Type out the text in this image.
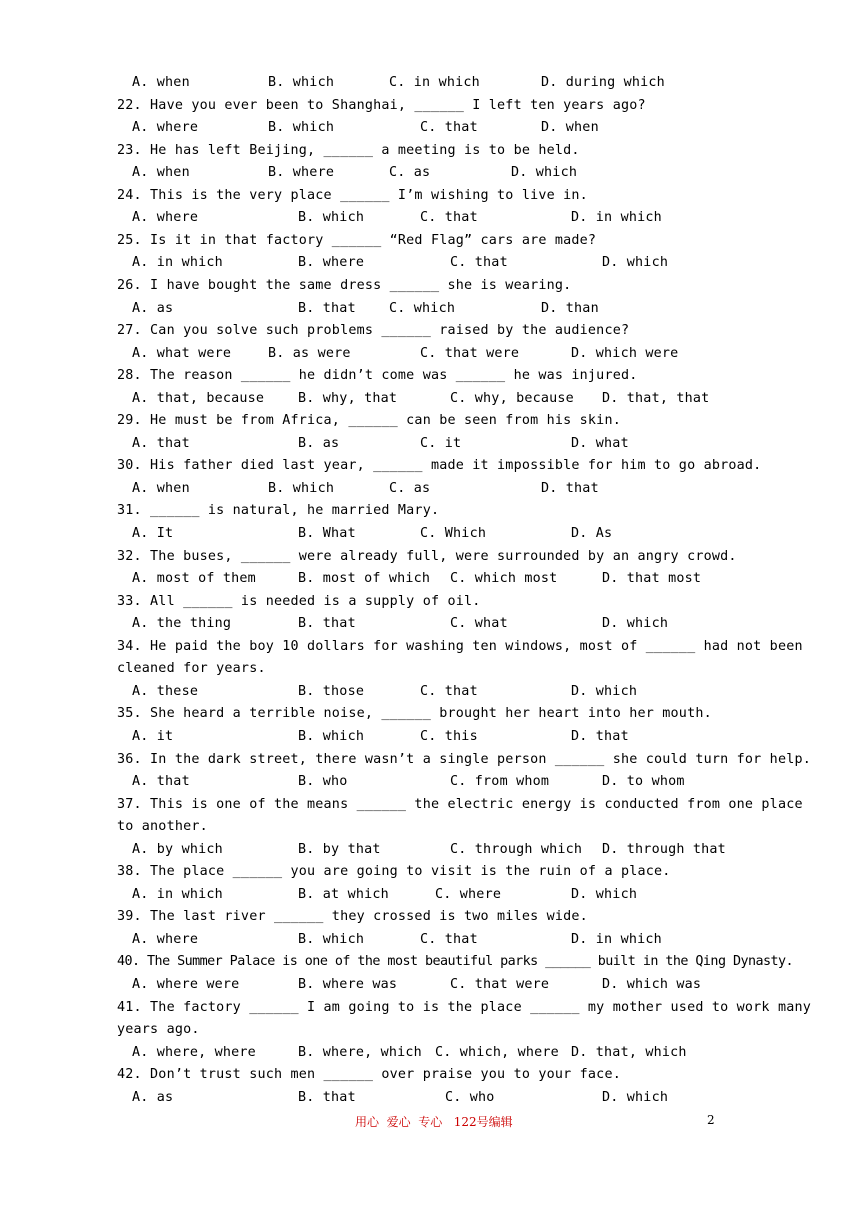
A. when	B. which	C. in which	D. during which
22. Have you ever been to Shanghai, ______ I left ten years ago?
A. where	B. which	C. that	D. when
23. He has left Beijing, ______ a meeting is to be held.
A. when	B. where	C. as	D. which
24. This is the very place ______ I’m wishing to live in.
A. where	B. which	C. that	D. in which
25. Is it in that factory ______ “Red Flag” cars are made?
A. in which	B. where	C. that	D. which
26. I have bought the same dress ______ she is wearing.
A. as	B. that C. which	D. than
27. Can you solve such problems ______ raised by the audience?
A. what were	B. as were	C. that were	D. which were
28. The reason ______ he didn’t come was ______ he was injured.
A. that, because	B. why, that	C. why, because D. that, that
29. He must be from Africa, ______ can be seen from his skin.
A. that	B. as	C. it	D. what
30. His father died last year, ______ made it impossible for him to go abroad.
A. when	B. which	C. as	D. that
31. ______ is natural, he married Mary.
A. It	B. What	C. Which	D. As
32. The buses, ______ were already full, were surrounded by an angry crowd.
A. most of them	B. most of which C. which most	D. that most
33. All ______ is needed is a supply of oil.
A. the thing	B. that	C. what	D. which
34. He paid the boy 10 dollars for washing ten windows, most of ______ had not been
cleaned for years.
A. these	B. those	C. that	D. which
35. She heard a terrible noise, ______ brought her heart into her mouth.
A. it	B. which	C. this	D. that
36. In the dark street, there wasn’t a single person ______ she could turn for help.
A. that	B. who	C. from whom	D. to whom
37. This is one of the means ______ the electric energy is conducted from one place
to another.
A. by which	B. by that	C. through which D. through that
38. The place ______ you are going to visit is the ruin of a place.
A. in which	B. at which	C. where	D. which
39. The last river ______ they crossed is two miles wide.
A. where	B. which	C. that	D. in which
40. The Summer Palace is one of the most beautiful parks ______ built in the Qing Dynasty.
A. where were	B. where was	C. that were	D. which was
41. The factory ______ I am going to is the place ______ my mother used to work many
years ago.
A. where, where	B. where, which C. which, where D. that, which
42. Don’t trust such men ______ over praise you to your face.
A. as	B. that	C. who	D. which
用心  爱心  专心   122号编辑	2
